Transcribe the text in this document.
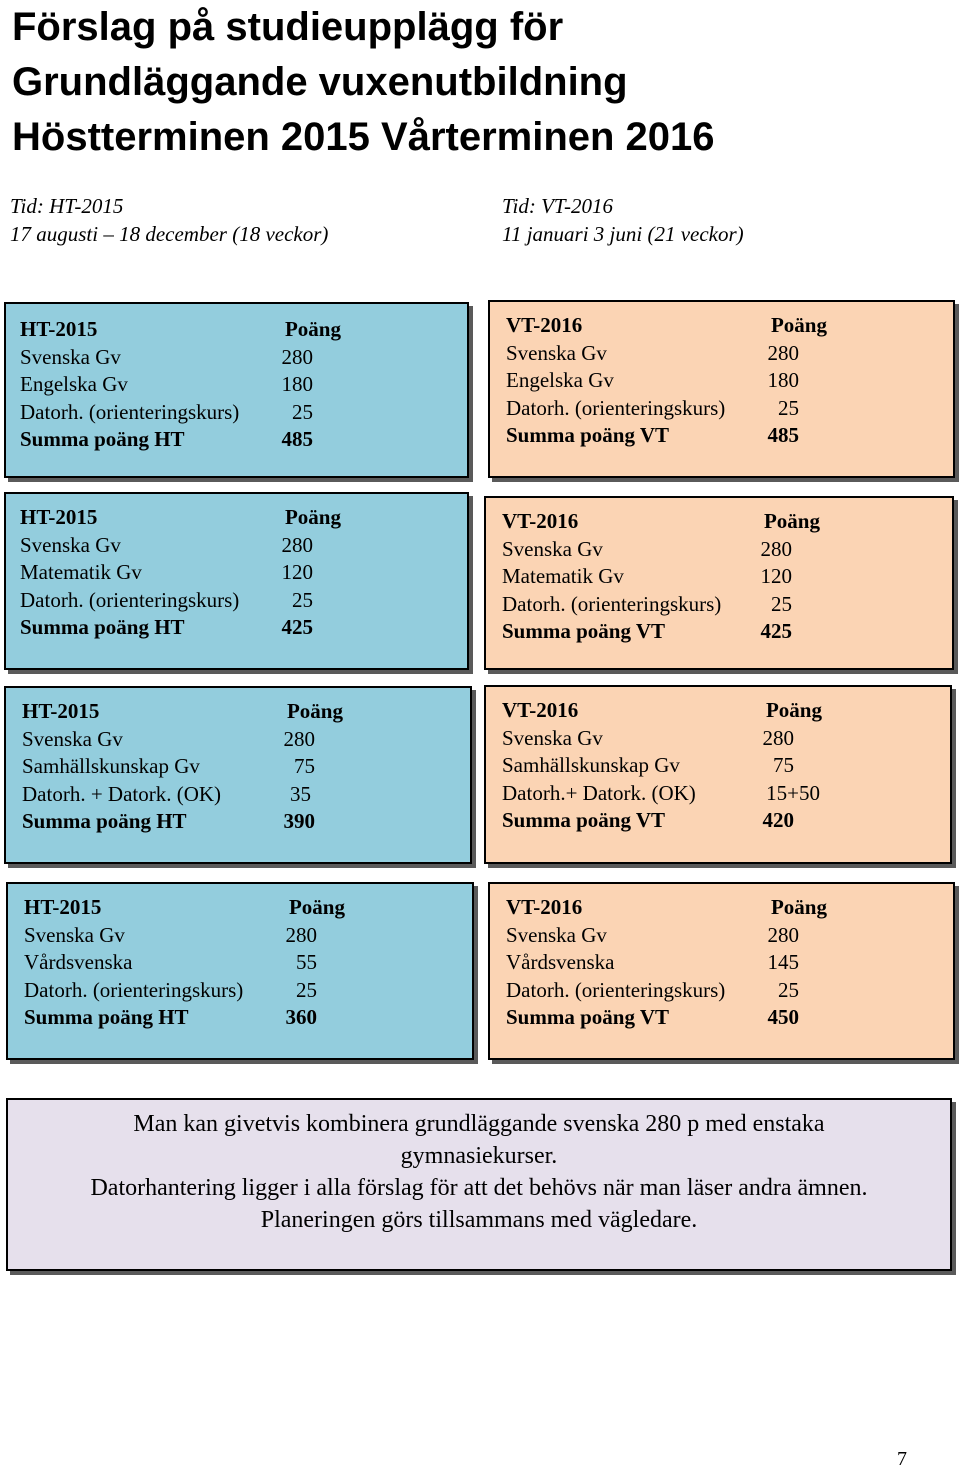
Förslag på studieupplägg för
Grundläggande vuxenutbildning
Höstterminen 2015 Vårterminen 2016
Tid: HT-2015
17 augusti – 18 december (18 veckor)
Tid: VT-2016
11 januari 3 juni (21 veckor)
HT-2015	Poäng
Svenska Gv	280
Engelska Gv	180
Datorh. (orienteringskurs)	25
Summa poäng HT	485
VT-2016	Poäng
Svenska Gv	280
Engelska Gv	180
Datorh. (orienteringskurs)	25
Summa poäng VT	485
HT-2015	Poäng
Svenska Gv	280
Matematik Gv	120
Datorh. (orienteringskurs)	25
Summa poäng HT	425
VT-2016	Poäng
Svenska Gv	280
Matematik Gv	120
Datorh. (orienteringskurs) 25
Summa poäng VT	425
HT-2015	Poäng
Svenska Gv	280
Samhällskunskap Gv	75
Datorh. + Datork. (OK)	35
Summa poäng HT	390
VT-2016	Poäng
Svenska Gv	280
Samhällskunskap Gv	75
Datorh.+ Datork. (OK)	15+50
Summa poäng VT	420
HT-2015	Poäng
Svenska Gv	280
Vårdsvenska	55
Datorh. (orienteringskurs)	25
Summa poäng HT	360
VT-2016	Poäng
Svenska Gv	280
Vårdsvenska	145
Datorh. (orienteringskurs)	25
Summa poäng VT	450
Man kan givetvis kombinera grundläggande svenska 280 p med enstaka
gymnasiekurser.
Datorhantering ligger i alla förslag för att det behövs när man läser andra ämnen.
Planeringen görs tillsammans med vägledare.
7
